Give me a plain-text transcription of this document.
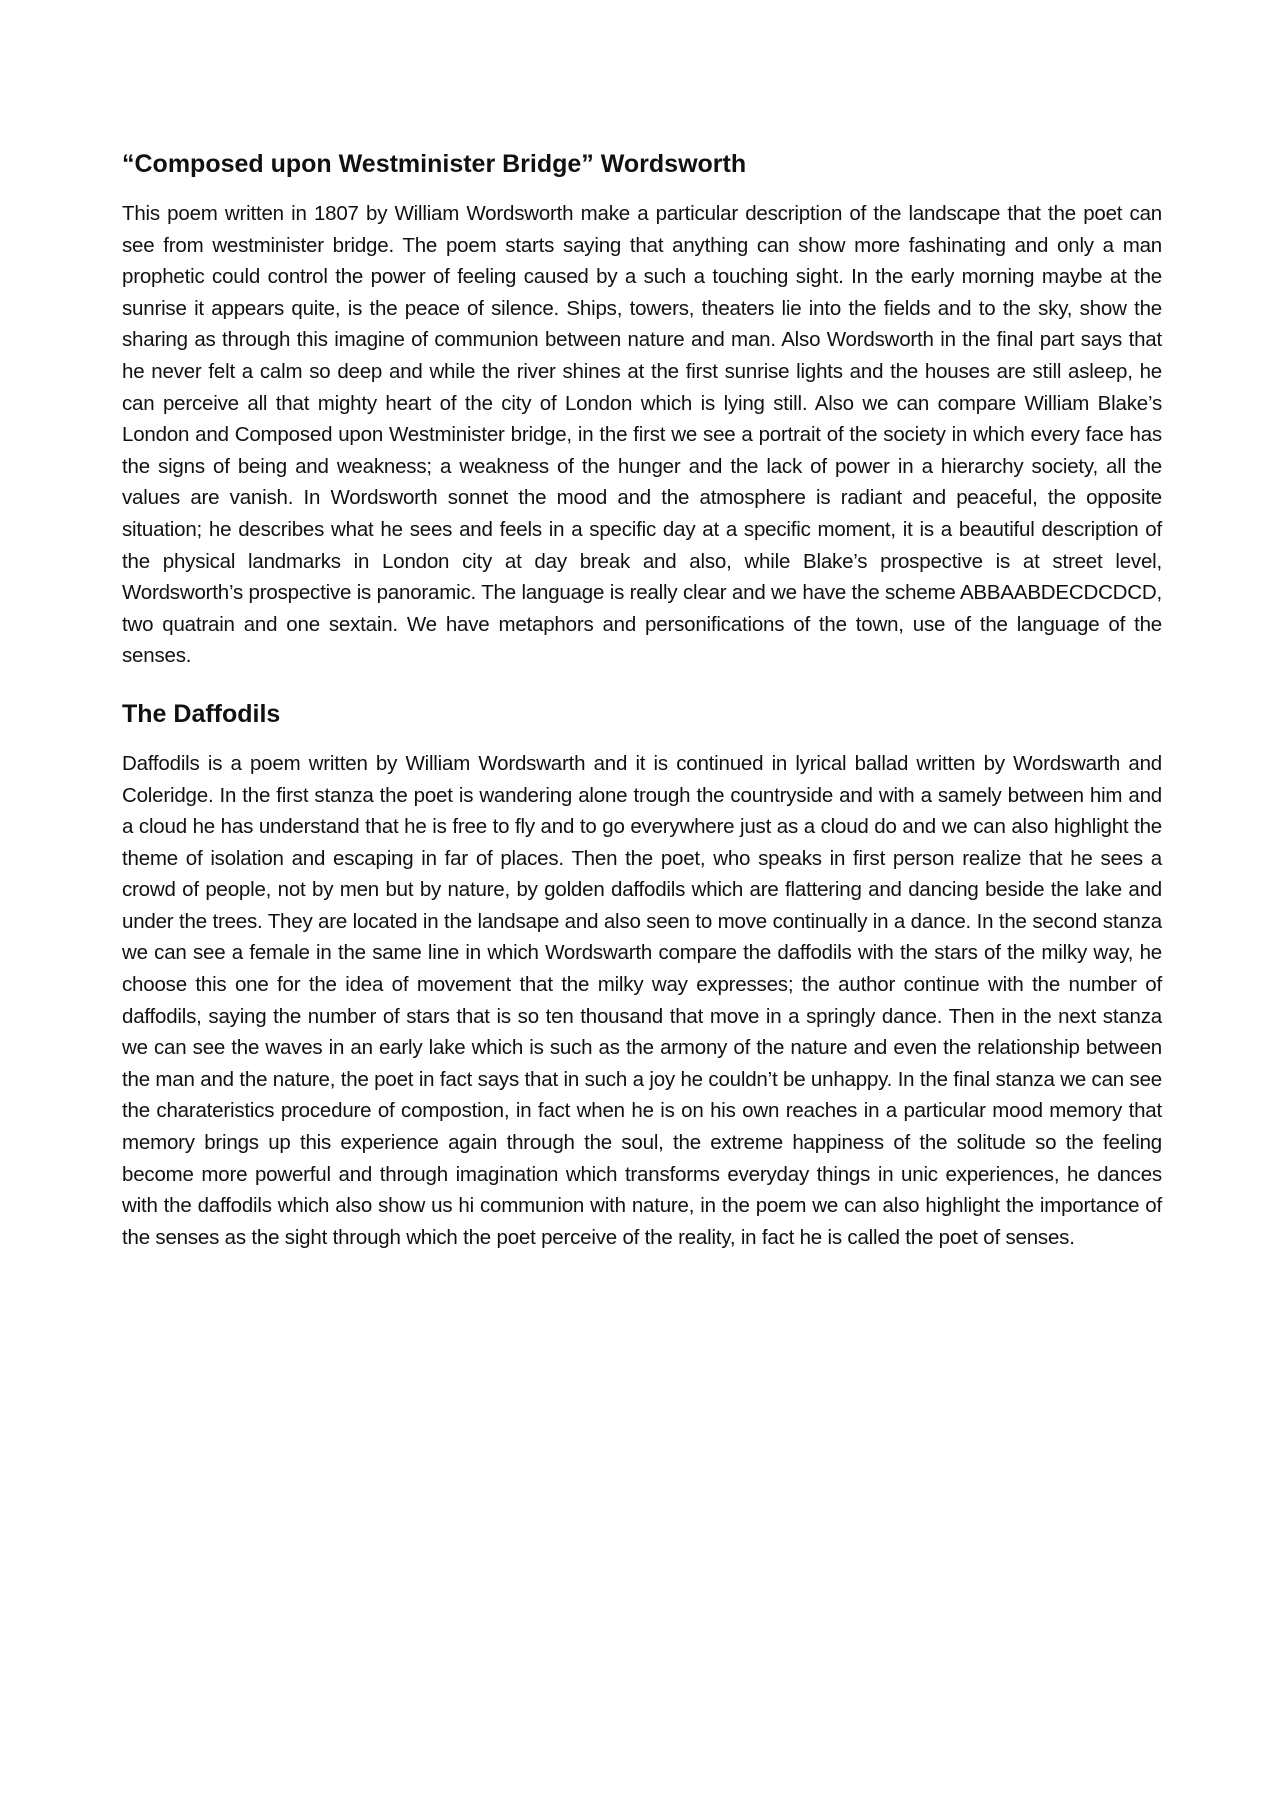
“Composed upon Westminister Bridge” Wordsworth

This poem written in 1807 by William Wordsworth make a particular description of the landscape that the poet can see from westminister bridge. The poem starts saying that anything can show more fashinating and only a man prophetic could control the power of feeling caused by a such a touching sight. In the early morning maybe at the sunrise it appears quite, is the peace of silence. Ships, towers, theaters lie into the fields and to the sky, show the sharing as through this imagine of communion between nature and man. Also Wordsworth in the final part says that he never felt a calm so deep and while the river shines at the first sunrise lights and the houses are still asleep, he can perceive all that mighty heart of the city of London which is lying still. Also we can compare William Blake’s London and Composed upon Westminister bridge, in the first we see a portrait of the society in which every face has the signs of being and weakness; a weakness of the hunger and the lack of power in a hierarchy society, all the values are vanish. In Wordsworth sonnet the mood and the atmosphere is radiant and peaceful, the opposite situation; he describes what he sees and feels in a specific day at a specific moment, it is a beautiful description of the physical landmarks in London city at day break and also, while Blake’s prospective is at street level, Wordsworth’s prospective is panoramic. The language is really clear and we have the scheme ABBAABDECDCDCD, two quatrain and one sextain. We have metaphors and personifications of the town, use of the language of the senses.

The Daffodils

Daffodils is a poem written by William Wordswarth and it is continued in lyrical ballad written by Wordswarth and Coleridge. In the first stanza the poet is wandering alone trough the countryside and with a samely between him and a cloud he has understand that he is free to fly and to go everywhere just as a cloud do and we can also highlight the theme of isolation and escaping in far of places. Then the poet, who speaks in first person realize that he sees a crowd of people, not by men but by nature, by golden daffodils which are flattering and dancing beside the lake and under the trees. They are located in the landsape and also seen to move continually in a dance. In the second stanza we can see a female in the same line in which Wordswarth compare the daffodils with the stars of the milky way, he choose this one for the idea of movement that the milky way expresses; the author continue with the number of daffodils, saying the number of stars that is so ten thousand that move in a springly dance. Then in the next stanza we can see the waves in an early lake which is such as the armony of the nature and even the relationship between the man and the nature, the poet in fact says that in such a joy he couldn’t be unhappy. In the final stanza we can see the charateristics procedure of compostion, in fact when he is on his own reaches in a particular mood memory that memory brings up this experience again through the soul, the extreme happiness of the solitude so the feeling become more powerful and through imagination which transforms everyday things in unic experiences, he dances with the daffodils which also show us hi communion with nature, in the poem we can also highlight the importance of the senses as the sight through which the poet perceive of the reality, in fact he is called the poet of senses.
